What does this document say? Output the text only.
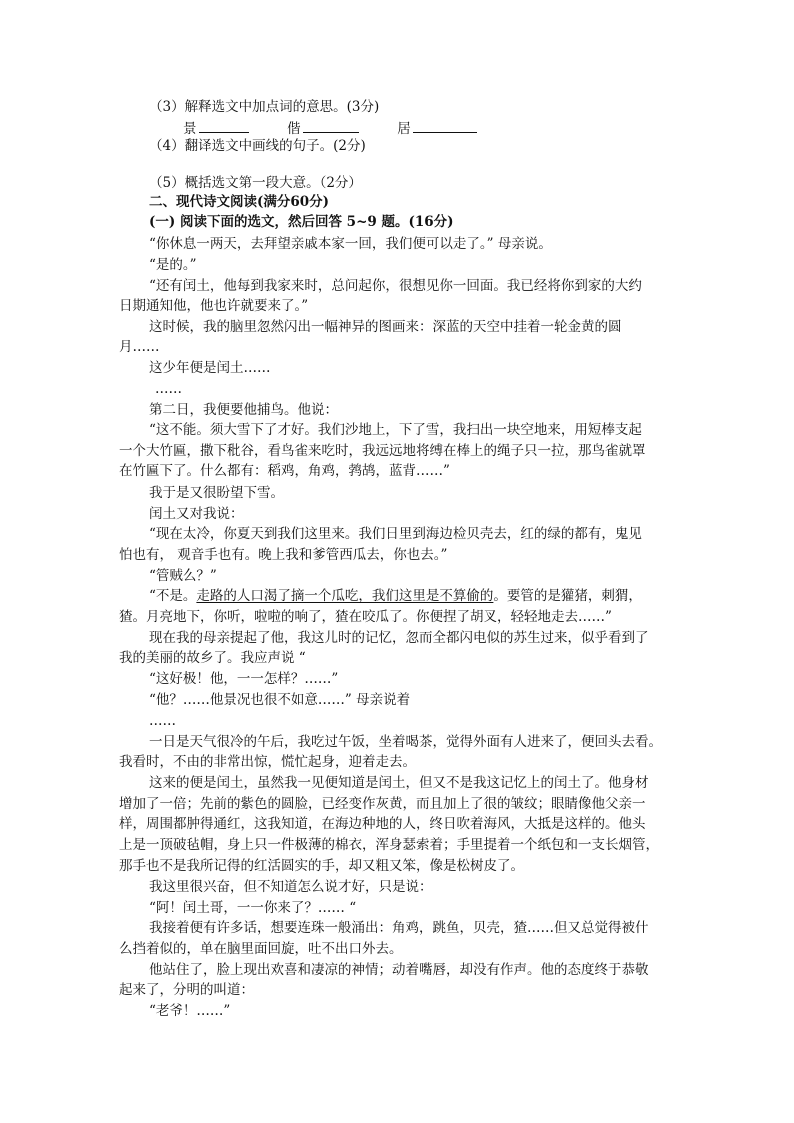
（3）解释选文中加点词的意思。(3分)
景	偕	居
（4）翻译选文中画线的句子。(2分)
（5）概括选文第一段大意。（2分）
二、现代诗文阅读(满分60分)
(一) 阅读下面的选文，然后回答 5~9 题。(16分)
“你休息一两天，去拜望亲戚本家一回，我们便可以走了。” 母亲说。
“是的。”
“还有闰土，他每到我家来时，总问起你，很想见你一回面。我已经将你到家的大约
日期通知他，他也许就要来了。”
这时候，我的脑里忽然闪出一幅神异的图画来：深蓝的天空中挂着一轮金黄的圆
月……
这少年便是闰土……
……
第二日，我便要他捕鸟。他说：
“这不能。须大雪下了才好。我们沙地上，下了雪，我扫出一块空地来，用短棒支起
一个大竹匾，撒下秕谷，看鸟雀来吃时，我远远地将缚在棒上的绳子只一拉，那鸟雀就罩
在竹匾下了。什么都有：稻鸡，角鸡，鹁鸪，蓝背……”
我于是又很盼望下雪。
闰土又对我说：
“现在太冷，你夏天到我们这里来。我们日里到海边检贝壳去，红的绿的都有，鬼见
怕也有， 观音手也有。晚上我和爹管西瓜去，你也去。”
“管贼么？”
“不是。走路的人口渴了摘一个瓜吃，我们这里是不算偷的。要管的是獾猪，刺猬，
猹。月亮地下，你听，啦啦的响了，猹在咬瓜了。你便捏了胡叉，轻轻地走去……”
现在我的母亲提起了他，我这儿时的记忆，忽而全都闪电似的苏生过来，似乎看到了
我的美丽的故乡了。我应声说 “
“这好极！他，一一怎样？……”
“他？……他景况也很不如意……” 母亲说着
……
一日是天气很冷的午后，我吃过午饭，坐着喝茶，觉得外面有人进来了，便回头去看。
我看时，不由的非常出惊，慌忙起身，迎着走去。
这来的便是闰土，虽然我一见便知道是闰土，但又不是我这记忆上的闰土了。他身材
增加了一倍；先前的紫色的圆脸，已经变作灰黄，而且加上了很的皱纹；眼睛像他父亲一
样，周围都肿得通红，这我知道，在海边种地的人，终日吹着海风，大抵是这样的。他头
上是一顶破毡帽，身上只一件极薄的棉衣，浑身瑟索着；手里提着一个纸包和一支长烟管，
那手也不是我所记得的红活圆实的手，却又粗又笨，像是松树皮了。
我这里很兴奋，但不知道怎么说才好，只是说：
“阿！闰土哥，一一你来了？…… “
我接着便有许多话，想要连珠一般涌出：角鸡，跳鱼，贝壳，猹……但又总觉得被什
么挡着似的，单在脑里面回旋，吐不出口外去。
他站住了，脸上现出欢喜和凄凉的神情；动着嘴唇，却没有作声。他的态度终于恭敬
起来了，分明的叫道：
“老爷！……”
